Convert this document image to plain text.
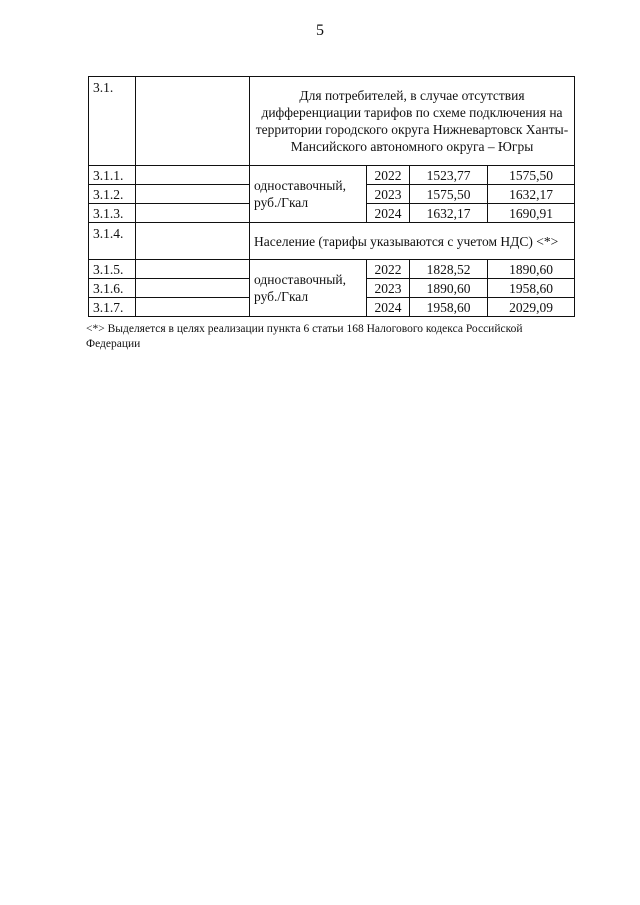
5
3.1.		Для потребителей, в случае отсутствия дифференциации тарифов по схеме подключения на территории городского округа Нижневартовск Ханты-Мансийского автономного округа – Югры			
3.1.1.		одноставочный, руб./Гкал	2022	1523,77	1575,50
3.1.2.			2023	1575,50	1632,17
3.1.3.			2024	1632,17	1690,91
3.1.4.		Население (тарифы указываются с учетом НДС) <*>			
3.1.5.		одноставочный, руб./Гкал	2022	1828,52	1890,60
3.1.6.			2023	1890,60	1958,60
3.1.7.			2024	1958,60	2029,09
<*> Выделяется в целях реализации пункта 6 статьи 168 Налогового кодекса Российской Федерации
